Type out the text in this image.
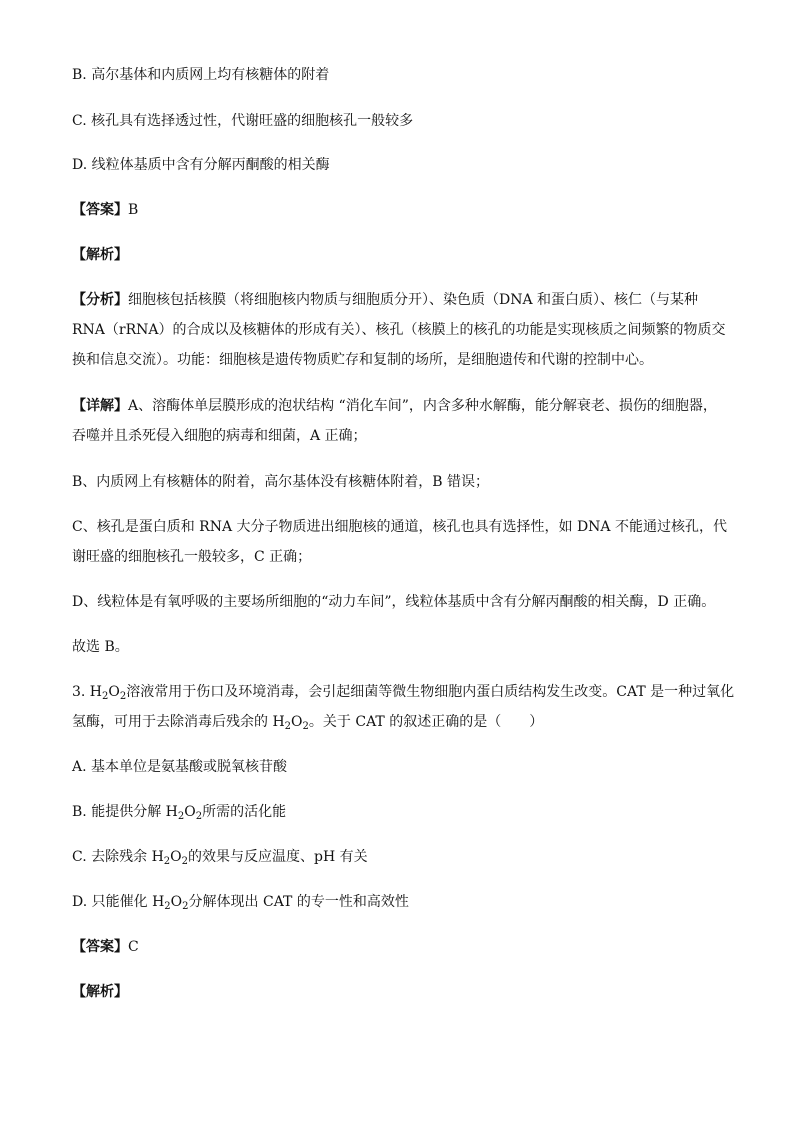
B. 高尔基体和内质网上均有核糖体的附着
C. 核孔具有选择透过性，代谢旺盛的细胞核孔一般较多
D. 线粒体基质中含有分解丙酮酸的相关酶
【答案】B
【解析】
【分析】细胞核包括核膜（将细胞核内物质与细胞质分开）、染色质（DNA 和蛋白质）、核仁（与某种
RNA（rRNA）的合成以及核糖体的形成有关）、核孔（核膜上的核孔的功能是实现核质之间频繁的物质交
换和信息交流）。功能：细胞核是遗传物质贮存和复制的场所，是细胞遗传和代谢的控制中心。
【详解】A、溶酶体单层膜形成的泡状结构 “消化车间”，内含多种水解酶，能分解衰老、损伤的细胞器，
吞噬并且杀死侵入细胞的病毒和细菌，A 正确；
B、内质网上有核糖体的附着，高尔基体没有核糖体附着，B 错误；
C、核孔是蛋白质和 RNA 大分子物质进出细胞核的通道，核孔也具有选择性，如 DNA 不能通过核孔，代
谢旺盛的细胞核孔一般较多，C 正确；
D、线粒体是有氧呼吸的主要场所细胞的“动力车间”，线粒体基质中含有分解丙酮酸的相关酶，D 正确。
故选 B。
3. $H_2O_2$溶液常用于伤口及环境消毒，会引起细菌等微生物细胞内蛋白质结构发生改变。CAT 是一种过氧化
氢酶，可用于去除消毒后残余的 $H_2O_2$。关于 CAT 的叙述正确的是（　　）
A. 基本单位是氨基酸或脱氧核苷酸
B. 能提供分解 $H_2O_2$所需的活化能
C. 去除残余 $H_2O_2$的效果与反应温度、pH 有关
D. 只能催化 $H_2O_2$分解体现出 CAT 的专一性和高效性
【答案】C
【解析】
